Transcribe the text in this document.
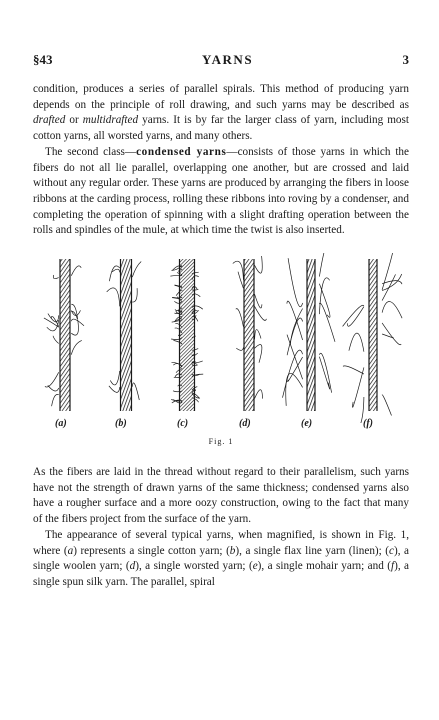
§43	YARNS	3

condition, produces a series of parallel spirals. This method of producing yarn depends on the principle of roll drawing, and such yarns may be described as drafted or multidrafted yarns. It is by far the larger class of yarn, including most cotton yarns, all worsted yarns, and many others.

The second class—condensed yarns—consists of those yarns in which the fibers do not all lie parallel, overlapping one another, but are crossed and laid without any regular order. These yarns are produced by arranging the fibers in loose ribbons at the carding process, rolling these ribbons into roving by a condenser, and completing the operation of spinning with a slight drafting operation between the rolls and spindles of the mule, at which time the twist is also inserted.

(a)	(b)	(c)	(d)	(e)	(f)
Fig. 1

As the fibers are laid in the thread without regard to their parallelism, such yarns have not the strength of drawn yarns of the same thickness; condensed yarns also have a rougher surface and a more oozy construction, owing to the fact that many of the fibers project from the surface of the yarn.

The appearance of several typical yarns, when magnified, is shown in Fig. 1, where (a) represents a single cotton yarn; (b), a single flax line yarn (linen); (c), a single woolen yarn; (d), a single worsted yarn; (e), a single mohair yarn; and (f), a single spun silk yarn. The parallel, spiral
